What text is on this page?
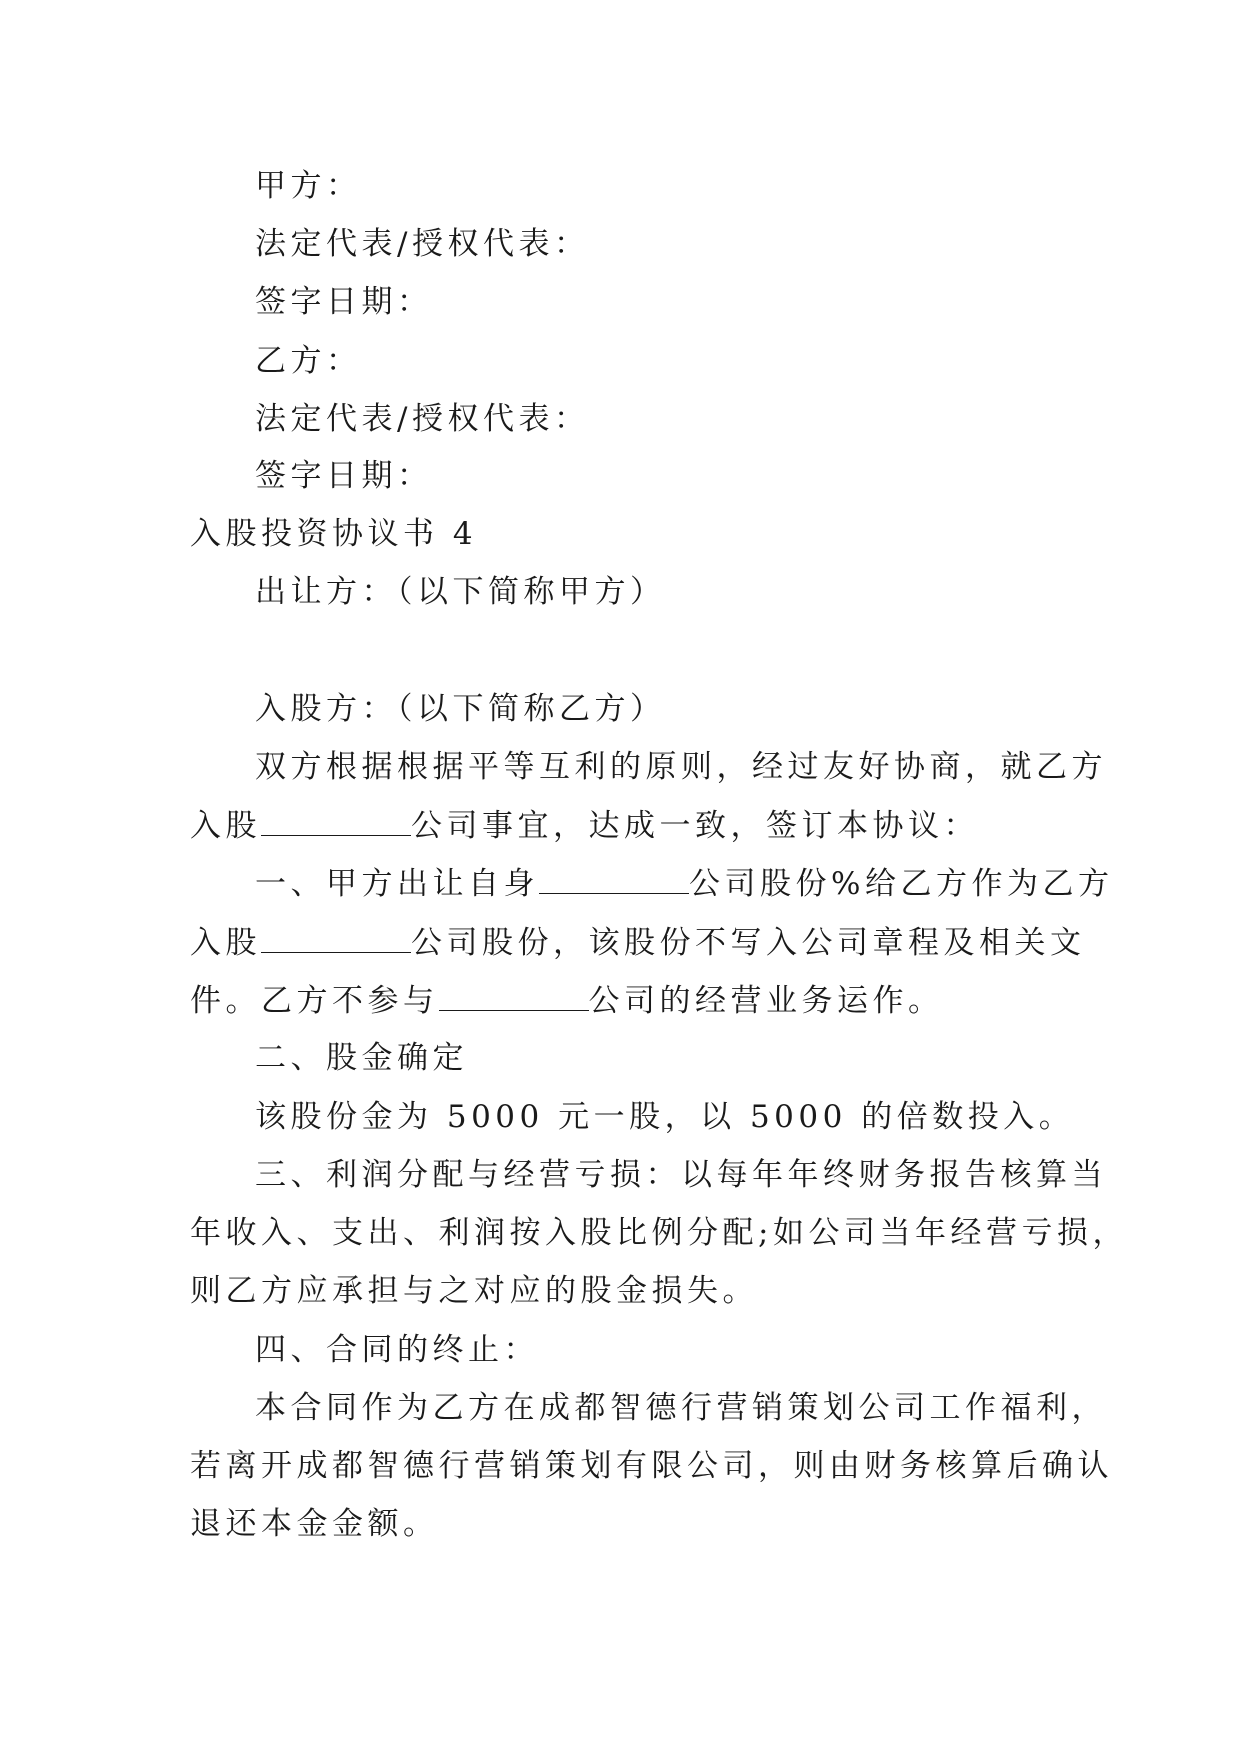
甲方：
法定代表/授权代表：
签字日期：
乙方：
法定代表/授权代表：
签字日期：
入股投资协议书 4
出让方：（以下简称甲方）
入股方：（以下简称乙方）
双方根据根据平等互利的原则，经过友好协商，就乙方
入股	公司事宜，达成一致，签订本协议：
一、甲方出让自身	公司股份%给乙方作为乙方
入股	公司股份，该股份不写入公司章程及相关文
件。乙方不参与	公司的经营业务运作。
二、股金确定
该股份金为 5000 元一股，以 5000 的倍数投入。
三、利润分配与经营亏损：以每年年终财务报告核算当
年收入、支出、利润按入股比例分配;如公司当年经营亏损，
则乙方应承担与之对应的股金损失。
四、合同的终止：
本合同作为乙方在成都智德行营销策划公司工作福利，
若离开成都智德行营销策划有限公司，则由财务核算后确认
退还本金金额。
